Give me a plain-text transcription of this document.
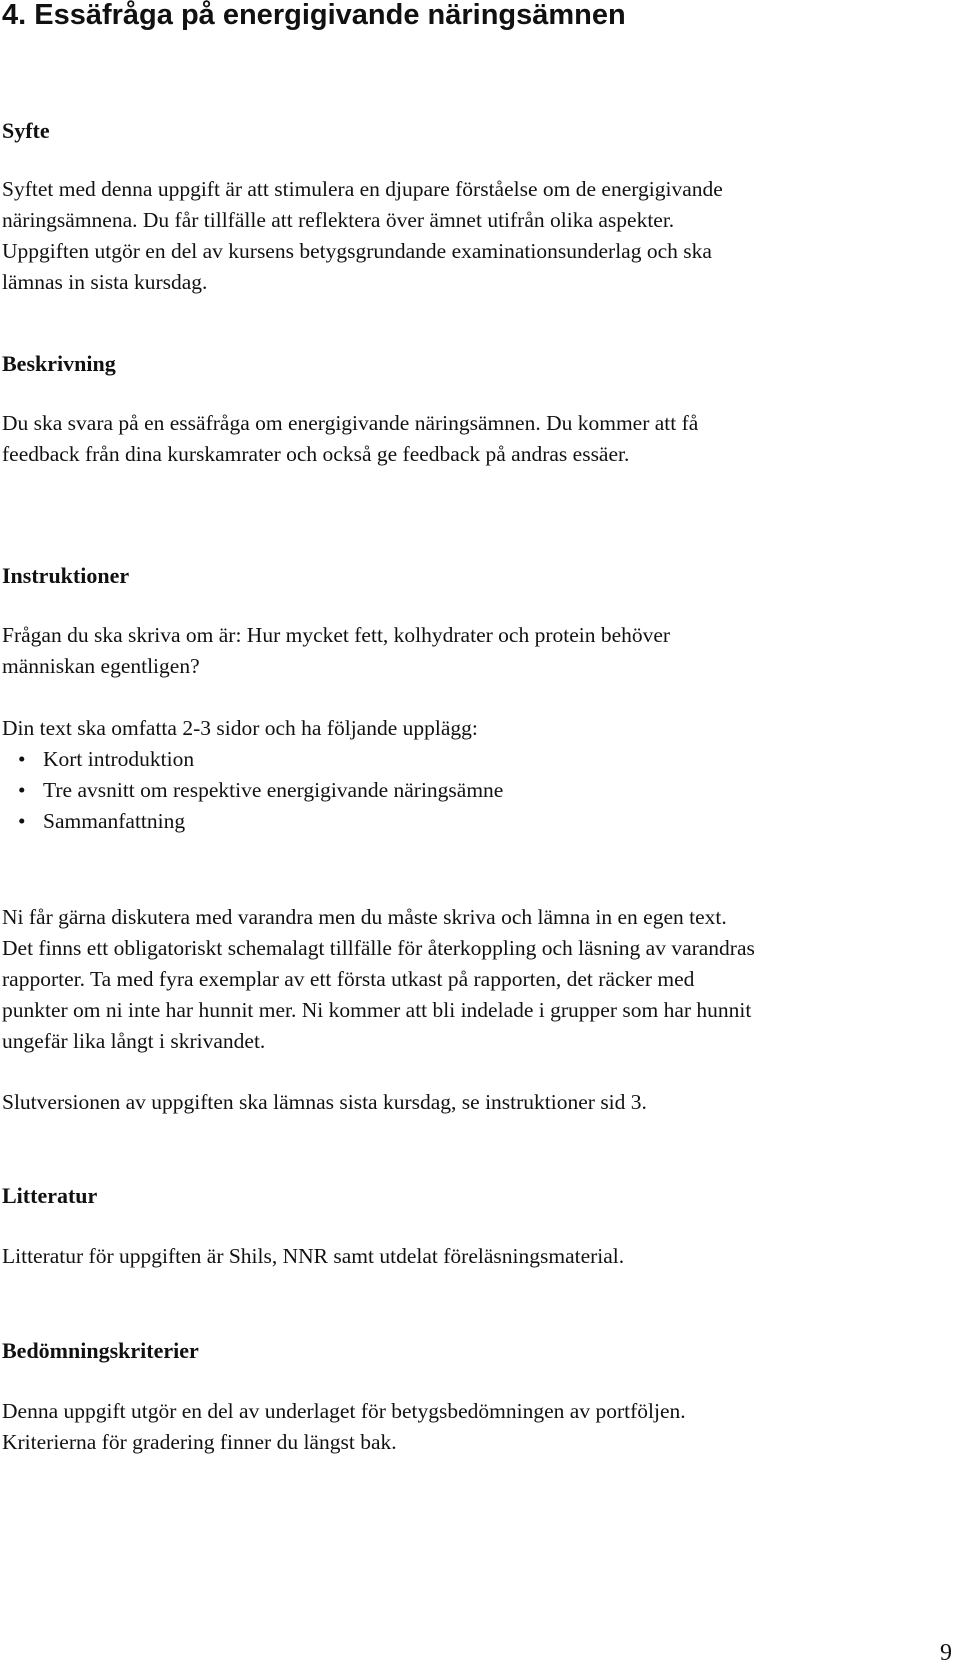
4. Essäfråga på energigivande näringsämnen
Syfte

Syftet med denna uppgift är att stimulera en djupare förståelse om de energigivande
näringsämnena. Du får tillfälle att reflektera över ämnet utifrån olika aspekter.
Uppgiften utgör en del av kursens betygsgrundande examinationsunderlag och ska
lämnas in sista kursdag.

Beskrivning

Du ska svara på en essäfråga om energigivande näringsämnen. Du kommer att få
feedback från dina kurskamrater och också ge feedback på andras essäer.

Instruktioner

Frågan du ska skriva om är: Hur mycket fett, kolhydrater och protein behöver
människan egentligen?

Din text ska omfatta 2-3 sidor och ha följande upplägg:

• Kort introduktion
• Tre avsnitt om respektive energigivande näringsämne
• Sammanfattning

Ni får gärna diskutera med varandra men du måste skriva och lämna in en egen text.
Det finns ett obligatoriskt schemalagt tillfälle för återkoppling och läsning av varandras
rapporter. Ta med fyra exemplar av ett första utkast på rapporten, det räcker med
punkter om ni inte har hunnit mer. Ni kommer att bli indelade i grupper som har hunnit
ungefär lika långt i skrivandet.

Slutversionen av uppgiften ska lämnas sista kursdag, se instruktioner sid 3.

Litteratur

Litteratur för uppgiften är Shils, NNR samt utdelat föreläsningsmaterial.

Bedömningskriterier

Denna uppgift utgör en del av underlaget för betygsbedömningen av portföljen.
Kriterierna för gradering finner du längst bak.

9
